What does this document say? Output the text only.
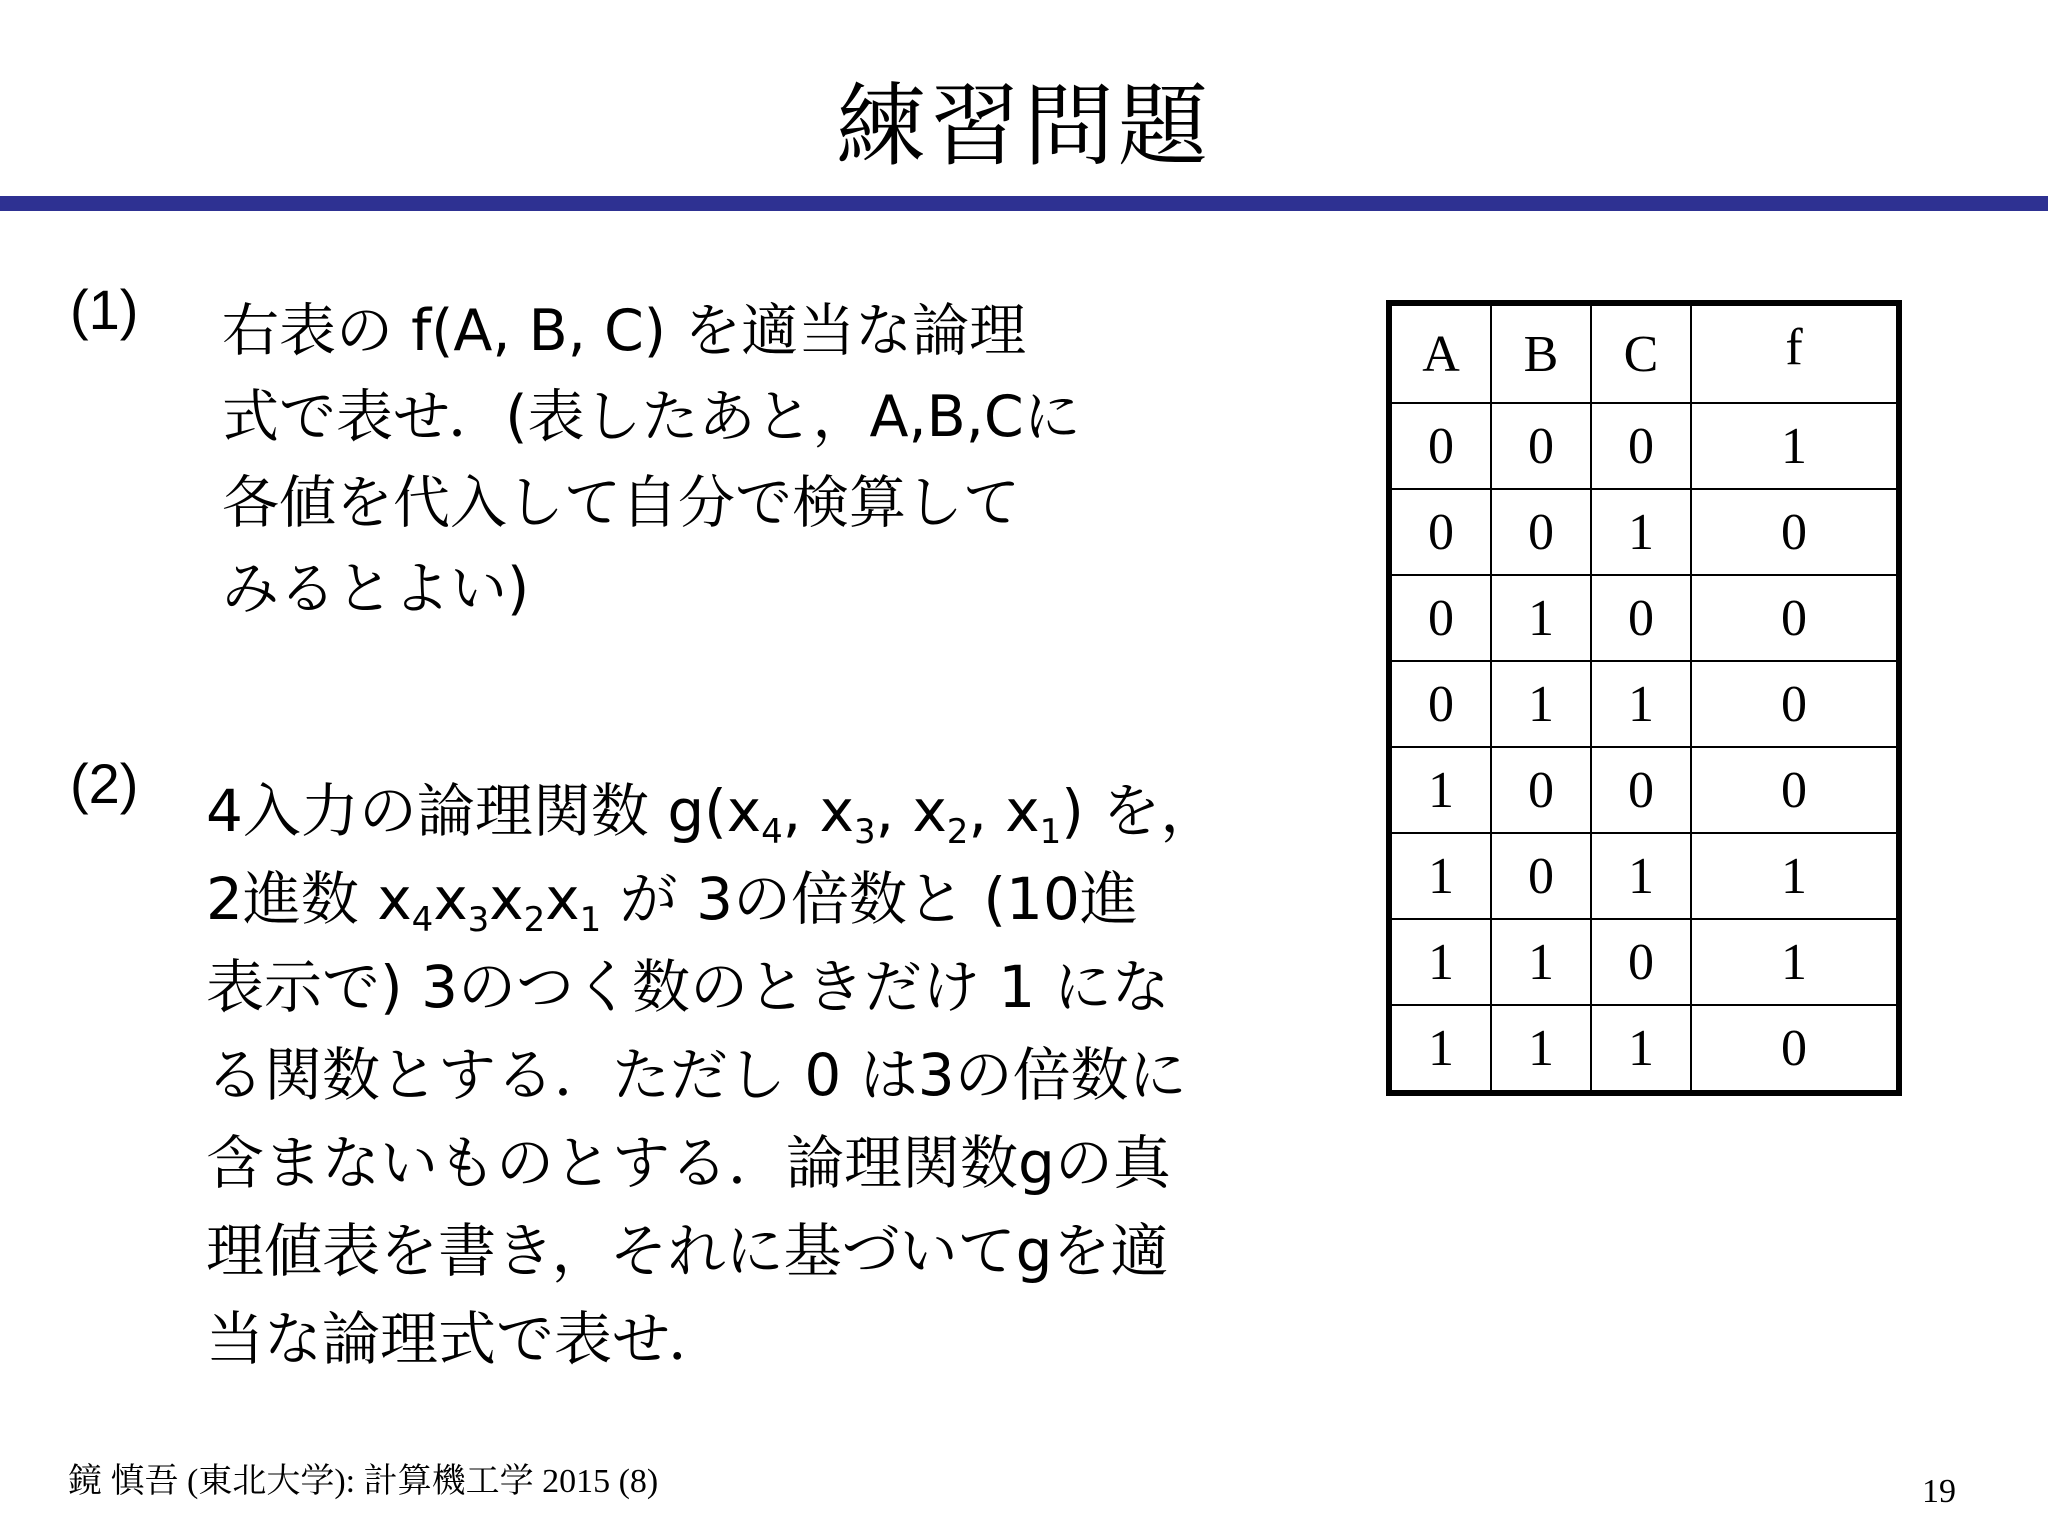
練習問題
(1) 右表の f(A, B, C) を適当な論理
式で表せ．(表したあと，A,B,Cに
各値を代入して自分で検算して
みるとよい)
(2) 4入力の論理関数 $g(x_4$, $x_3$, $x_2$, $x_1$) を，
2進数 $x_4x_3x_2x_1$ が 3の倍数と (10進
表示で) 3のつく数のときだけ 1 にな
る関数とする．ただし 0 は3の倍数に
含まないものとする．論理関数gの真
理値表を書き，それに基づいてgを適
当な論理式で表せ．
A	B	C	f
0	0	0	1
0	0	1	0
0	1	0	0
0	1	1	0
1	0	0	0
1	0	1	1
1	1	0	1
1	1	1	0
鏡 慎吾 (東北大学): 計算機工学 2015 (8)	19
